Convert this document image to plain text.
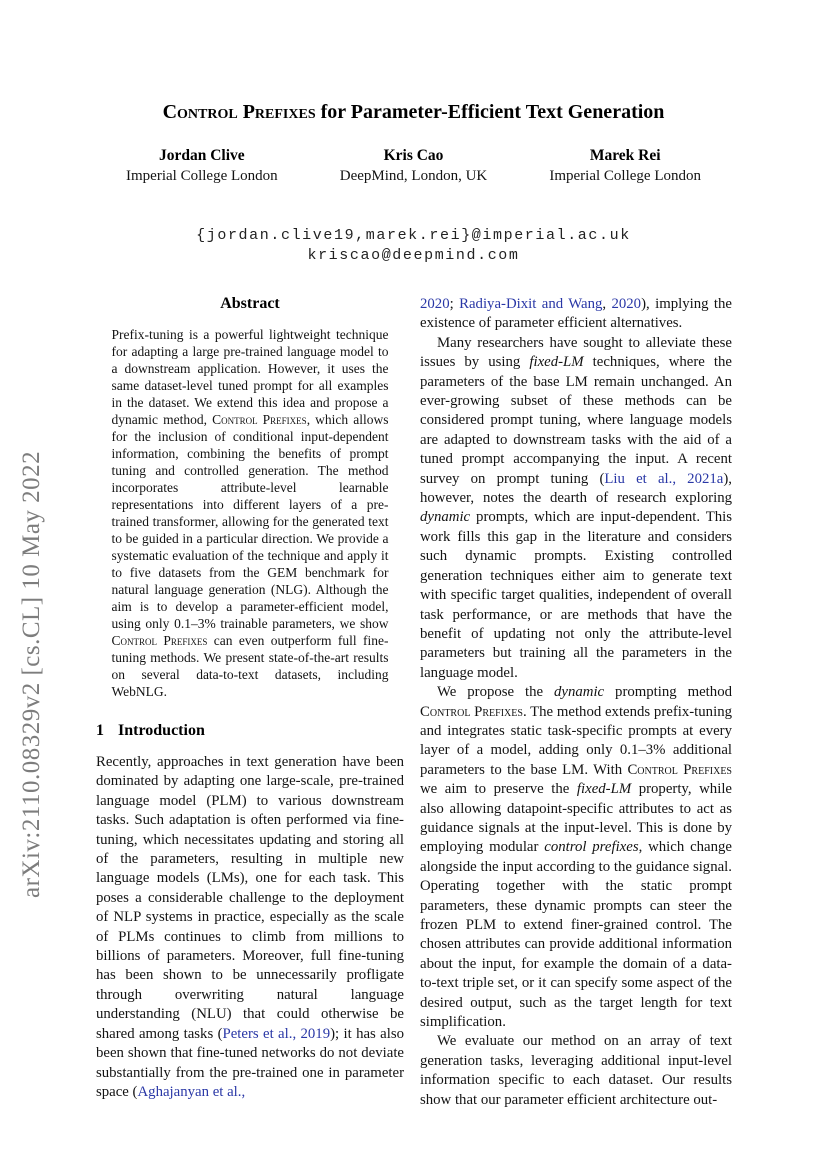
arXiv:2110.08329v2 [cs.CL] 10 May 2022
Control Prefixes for Parameter-Efficient Text Generation
Jordan Clive
Imperial College London
Kris Cao
DeepMind, London, UK
Marek Rei
Imperial College London
{jordan.clive19,marek.rei}@imperial.ac.uk
kriscao@deepmind.com
Abstract
Prefix-tuning is a powerful lightweight technique for adapting a large pre-trained language model to a downstream application. However, it uses the same dataset-level tuned prompt for all examples in the dataset. We extend this idea and propose a dynamic method, Control Prefixes, which allows for the inclusion of conditional input-dependent information, combining the benefits of prompt tuning and controlled generation. The method incorporates attribute-level learnable representations into different layers of a pre-trained transformer, allowing for the generated text to be guided in a particular direction. We provide a systematic evaluation of the technique and apply it to five datasets from the GEM benchmark for natural language generation (NLG). Although the aim is to develop a parameter-efficient model, using only 0.1–3% trainable parameters, we show Control Prefixes can even outperform full fine-tuning methods. We present state-of-the-art results on several data-to-text datasets, including WebNLG.
1 Introduction

Recently, approaches in text generation have been dominated by adapting one large-scale, pre-trained language model (PLM) to various downstream tasks. Such adaptation is often performed via fine-tuning, which necessitates updating and storing all of the parameters, resulting in multiple new language models (LMs), one for each task. This poses a considerable challenge to the deployment of NLP systems in practice, especially as the scale of PLMs continues to climb from millions to billions of parameters. Moreover, full fine-tuning has been shown to be unnecessarily profligate through overwriting natural language understanding (NLU) that could otherwise be shared among tasks (Peters et al., 2019); it has also been shown that fine-tuned networks do not deviate substantially from the pre-trained one in parameter space (Aghajanyan et al.,

2020; Radiya-Dixit and Wang, 2020), implying the existence of parameter efficient alternatives.

Many researchers have sought to alleviate these issues by using fixed-LM techniques, where the parameters of the base LM remain unchanged. An ever-growing subset of these methods can be considered prompt tuning, where language models are adapted to downstream tasks with the aid of a tuned prompt accompanying the input. A recent survey on prompt tuning (Liu et al., 2021a), however, notes the dearth of research exploring dynamic prompts, which are input-dependent. This work fills this gap in the literature and considers such dynamic prompts. Existing controlled generation techniques either aim to generate text with specific target qualities, independent of overall task performance, or are methods that have the benefit of updating not only the attribute-level parameters but training all the parameters in the language model.

We propose the dynamic prompting method Control Prefixes. The method extends prefix-tuning and integrates static task-specific prompts at every layer of a model, adding only 0.1–3% additional parameters to the base LM. With Control Prefixes we aim to preserve the fixed-LM property, while also allowing datapoint-specific attributes to act as guidance signals at the input-level. This is done by employing modular control prefixes, which change alongside the input according to the guidance signal. Operating together with the static prompt parameters, these dynamic prompts can steer the frozen PLM to extend finer-grained control. The chosen attributes can provide additional information about the input, for example the domain of a data-to-text triple set, or it can specify some aspect of the desired output, such as the target length for text simplification.

We evaluate our method on an array of text generation tasks, leveraging additional input-level information specific to each dataset. Our results show that our parameter efficient architecture out-
